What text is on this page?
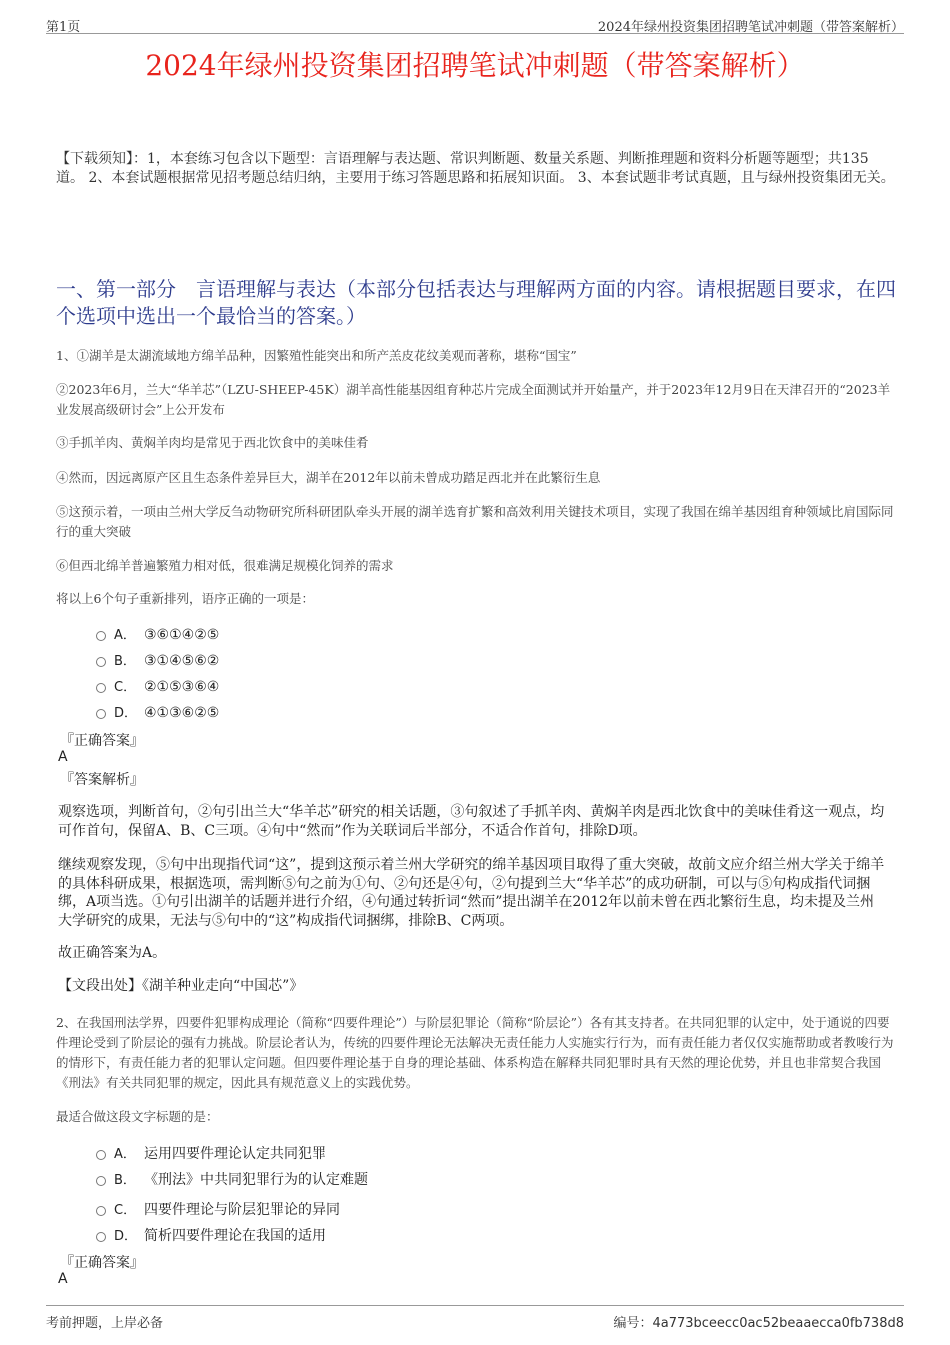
第1页	2024年绿州投资集团招聘笔试冲刺题（带答案解析）
2024年绿州投资集团招聘笔试冲刺题（带答案解析）
【下载须知】：1，本套练习包含以下题型：言语理解与表达题、常识判断题、数量关系题、判断推理题和资料分析题等题型；共135道。 2、本套试题根据常见招考题总结归纳，主要用于练习答题思路和拓展知识面。 3、本套试题非考试真题，且与绿州投资集团无关。
一、第一部分　言语理解与表达（本部分包括表达与理解两方面的内容。请根据题目要求，在四个选项中选出一个最恰当的答案。）
1、①湖羊是太湖流域地方绵羊品种，因繁殖性能突出和所产羔皮花纹美观而著称，堪称“国宝”
②2023年6月，兰大“华羊芯”（LZU-SHEEP-45K）湖羊高性能基因组育种芯片完成全面测试并开始量产，并于2023年12月9日在天津召开的“2023羊业发展高级研讨会”上公开发布
③手抓羊肉、黄焖羊肉均是常见于西北饮食中的美味佳肴
④然而，因远离原产区且生态条件差异巨大，湖羊在2012年以前未曾成功踏足西北并在此繁衍生息
⑤这预示着，一项由兰州大学反刍动物研究所科研团队牵头开展的湖羊选育扩繁和高效利用关键技术项目，实现了我国在绵羊基因组育种领域比肩国际同行的重大突破
⑥但西北绵羊普遍繁殖力相对低，很难满足规模化饲养的需求
将以上6个句子重新排列，语序正确的一项是：
A． ③⑥①④②⑤
B． ③①④⑤⑥②
C． ②①⑤③⑥④
D． ④①③⑥②⑤
『正确答案』
A
『答案解析』
观察选项，判断首句，②句引出兰大“华羊芯”研究的相关话题，③句叙述了手抓羊肉、黄焖羊肉是西北饮食中的美味佳肴这一观点，均可作首句，保留A、B、C三项。④句中“然而”作为关联词后半部分，不适合作首句，排除D项。
继续观察发现，⑤句中出现指代词“这”，提到这预示着兰州大学研究的绵羊基因项目取得了重大突破，故前文应介绍兰州大学关于绵羊的具体科研成果，根据选项，需判断⑤句之前为①句、②句还是④句，②句提到兰大“华羊芯”的成功研制，可以与⑤句构成指代词捆绑，A项当选。①句引出湖羊的话题并进行介绍，④句通过转折词“然而”提出湖羊在2012年以前未曾在西北繁衍生息，均未提及兰州大学研究的成果，无法与⑤句中的“这”构成指代词捆绑，排除B、C两项。
故正确答案为A。
【文段出处】《湖羊种业走向“中国芯”》
2、在我国刑法学界，四要件犯罪构成理论（简称“四要件理论”）与阶层犯罪论（简称“阶层论”）各有其支持者。在共同犯罪的认定中，处于通说的四要件理论受到了阶层论的强有力挑战。阶层论者认为，传统的四要件理论无法解决无责任能力人实施实行行为，而有责任能力者仅仅实施帮助或者教唆行为的情形下，有责任能力者的犯罪认定问题。但四要件理论基于自身的理论基础、体系构造在解释共同犯罪时具有天然的理论优势，并且也非常契合我国《刑法》有关共同犯罪的规定，因此具有规范意义上的实践优势。
最适合做这段文字标题的是：
A． 运用四要件理论认定共同犯罪
B． 《刑法》中共同犯罪行为的认定难题
C． 四要件理论与阶层犯罪论的异同
D． 简析四要件理论在我国的适用
『正确答案』
A
考前押题，上岸必备	编号：4a773bceecc0ac52beaaecca0fb738d8
